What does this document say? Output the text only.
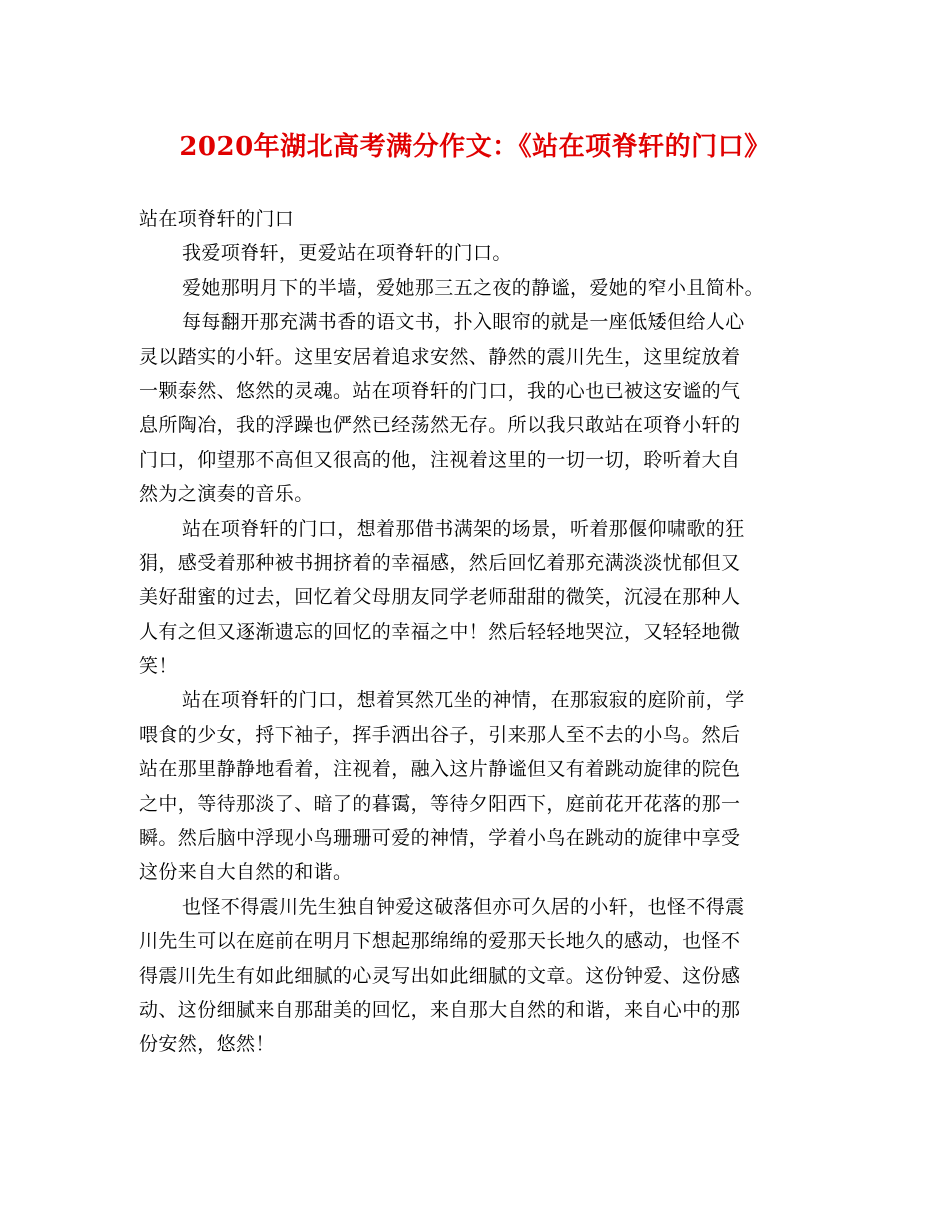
2020年湖北高考满分作文：《站在项脊轩的门口》
站在项脊轩的门口
我爱项脊轩，更爱站在项脊轩的门口。
爱她那明月下的半墙，爱她那三五之夜的静谧，爱她的窄小且简朴。
每每翻开那充满书香的语文书，扑入眼帘的就是一座低矮但给人心
灵以踏实的小轩。这里安居着追求安然、静然的震川先生，这里绽放着
一颗泰然、悠然的灵魂。站在项脊轩的门口，我的心也已被这安谧的气
息所陶冶，我的浮躁也俨然已经荡然无存。所以我只敢站在项脊小轩的
门口，仰望那不高但又很高的他，注视着这里的一切一切，聆听着大自
然为之演奏的音乐。
站在项脊轩的门口，想着那借书满架的场景，听着那偃仰啸歌的狂
狷，感受着那种被书拥挤着的幸福感，然后回忆着那充满淡淡忧郁但又
美好甜蜜的过去，回忆着父母朋友同学老师甜甜的微笑，沉浸在那种人
人有之但又逐渐遗忘的回忆的幸福之中！然后轻轻地哭泣，又轻轻地微
笑！
站在项脊轩的门口，想着冥然兀坐的神情，在那寂寂的庭阶前，学
喂食的少女，捋下袖子，挥手洒出谷子，引来那人至不去的小鸟。然后
站在那里静静地看着，注视着，融入这片静谧但又有着跳动旋律的院色
之中，等待那淡了、暗了的暮霭，等待夕阳西下，庭前花开花落的那一
瞬。然后脑中浮现小鸟珊珊可爱的神情，学着小鸟在跳动的旋律中享受
这份来自大自然的和谐。
也怪不得震川先生独自钟爱这破落但亦可久居的小轩，也怪不得震
川先生可以在庭前在明月下想起那绵绵的爱那天长地久的感动，也怪不
得震川先生有如此细腻的心灵写出如此细腻的文章。这份钟爱、这份感
动、这份细腻来自那甜美的回忆，来自那大自然的和谐，来自心中的那
份安然，悠然！
